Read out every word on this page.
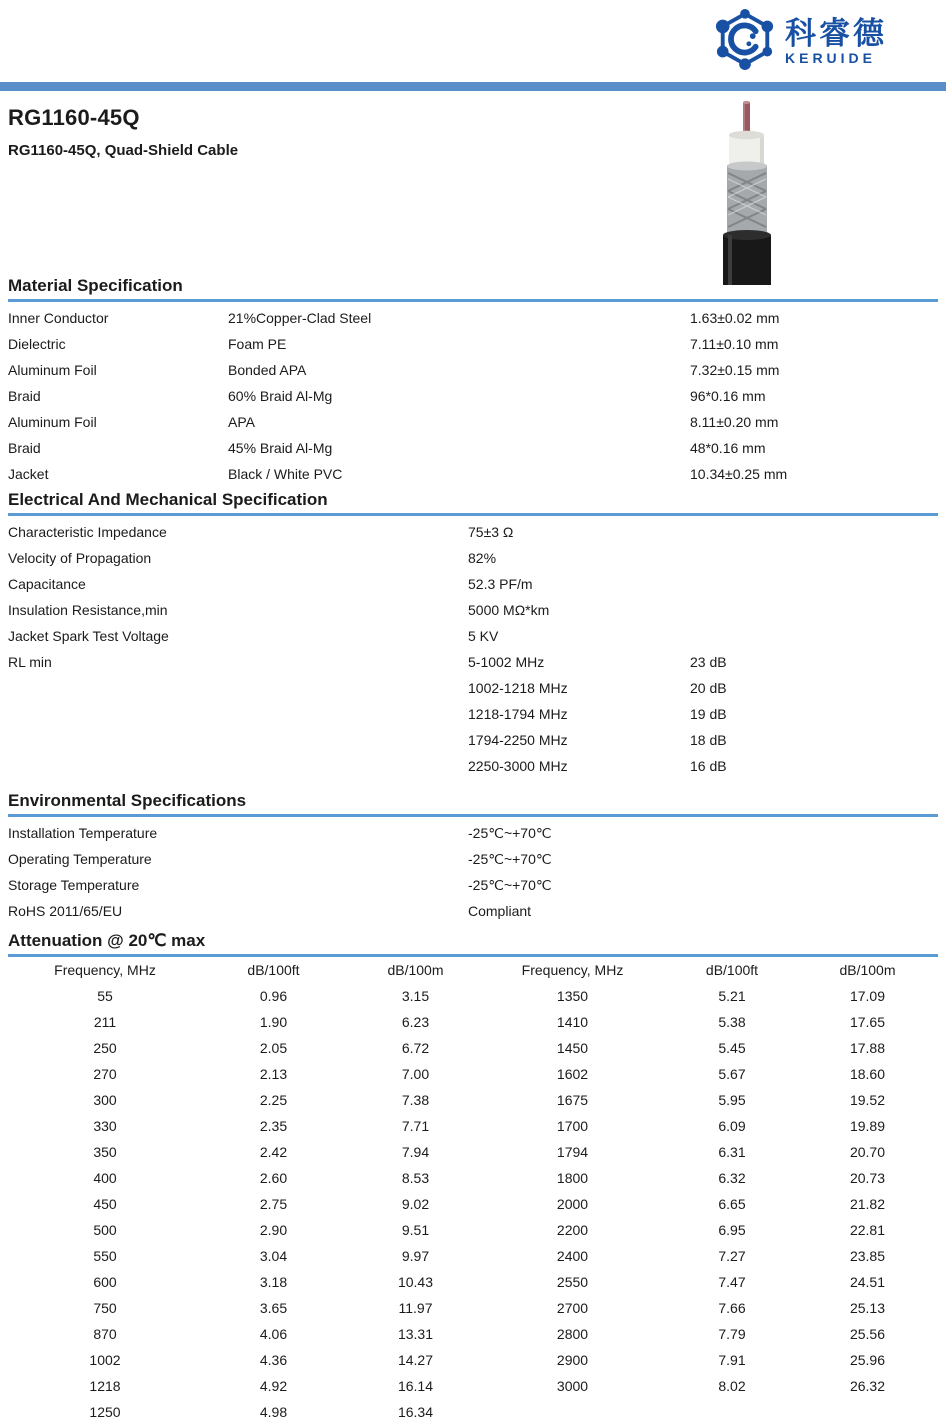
科睿德
KERUIDE
RG1160-45Q
RG1160-45Q, Quad-Shield Cable
Material Specification
Inner Conductor	21%Copper-Clad Steel	1.63±0.02 mm
Dielectric	Foam PE	7.11±0.10 mm
Aluminum Foil	Bonded APA	7.32±0.15 mm
Braid	60% Braid Al-Mg	96*0.16 mm
Aluminum Foil	APA	8.11±0.20 mm
Braid	45% Braid Al-Mg	48*0.16 mm
Jacket	Black / White PVC	10.34±0.25 mm
Electrical And Mechanical Specification
Characteristic Impedance	75±3 Ω
Velocity of Propagation	82%
Capacitance	52.3 PF/m
Insulation Resistance,min	5000 MΩ*km
Jacket Spark Test Voltage	5 KV
RL min	5-1002 MHz	23 dB
1002-1218 MHz	20 dB
1218-1794 MHz	19 dB
1794-2250 MHz	18 dB
2250-3000 MHz	16 dB
Environmental Specifications
Installation Temperature	-25℃~+70℃
Operating Temperature	-25℃~+70℃
Storage Temperature	-25℃~+70℃
RoHS 2011/65/EU	Compliant
Attenuation @ 20℃ max
Frequency, MHz	dB/100ft	dB/100m	Frequency, MHz	dB/100ft	dB/100m
55	0.96	3.15	1350	5.21	17.09
211	1.90	6.23	1410	5.38	17.65
250	2.05	6.72	1450	5.45	17.88
270	2.13	7.00	1602	5.67	18.60
300	2.25	7.38	1675	5.95	19.52
330	2.35	7.71	1700	6.09	19.89
350	2.42	7.94	1794	6.31	20.70
400	2.60	8.53	1800	6.32	20.73
450	2.75	9.02	2000	6.65	21.82
500	2.90	9.51	2200	6.95	22.81
550	3.04	9.97	2400	7.27	23.85
600	3.18	10.43	2550	7.47	24.51
750	3.65	11.97	2700	7.66	25.13
870	4.06	13.31	2800	7.79	25.56
1002	4.36	14.27	2900	7.91	25.96
1218	4.92	16.14	3000	8.02	26.32
1250	4.98	16.34
